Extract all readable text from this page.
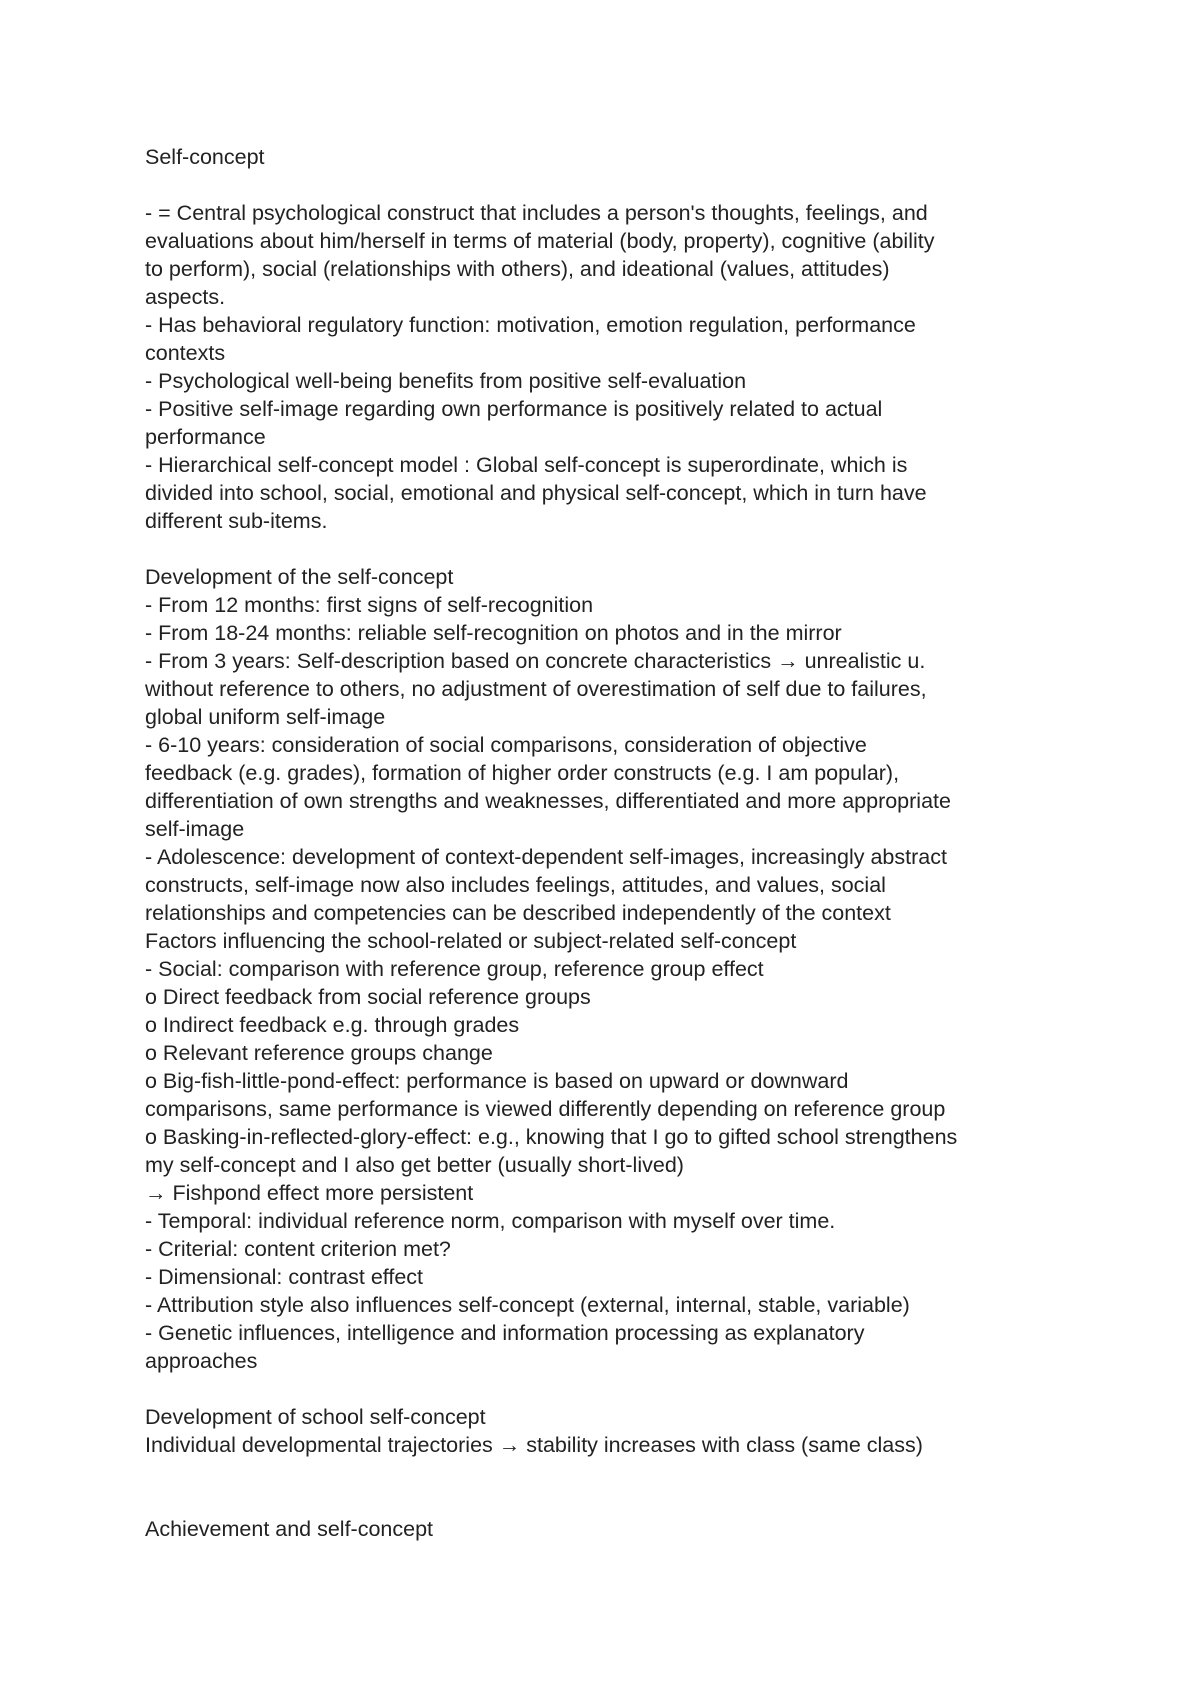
Self-concept

- = Central psychological construct that includes a person's thoughts, feelings, and

evaluations about him/herself in terms of material (body, property), cognitive (ability

to perform), social (relationships with others), and ideational (values, attitudes)

aspects.

- Has behavioral regulatory function: motivation, emotion regulation, performance

contexts

- Psychological well-being benefits from positive self-evaluation

- Positive self-image regarding own performance is positively related to actual

performance

- Hierarchical self-concept model : Global self-concept is superordinate, which is

divided into school, social, emotional and physical self-concept, which in turn have

different sub-items.

Development of the self-concept

- From 12 months: first signs of self-recognition

- From 18-24 months: reliable self-recognition on photos and in the mirror

- From 3 years: Self-description based on concrete characteristics → unrealistic u.

without reference to others, no adjustment of overestimation of self due to failures,

global uniform self-image

- 6-10 years: consideration of social comparisons, consideration of objective

feedback (e.g. grades), formation of higher order constructs (e.g. I am popular),

differentiation of own strengths and weaknesses, differentiated and more appropriate

self-image

- Adolescence: development of context-dependent self-images, increasingly abstract

constructs, self-image now also includes feelings, attitudes, and values, social

relationships and competencies can be described independently of the context

Factors influencing the school-related or subject-related self-concept

- Social: comparison with reference group, reference group effect

o Direct feedback from social reference groups

o Indirect feedback e.g. through grades

o Relevant reference groups change

o Big-fish-little-pond-effect: performance is based on upward or downward

comparisons, same performance is viewed differently depending on reference group

o Basking-in-reflected-glory-effect: e.g., knowing that I go to gifted school strengthens

my self-concept and I also get better (usually short-lived)

→ Fishpond effect more persistent

- Temporal: individual reference norm, comparison with myself over time.

- Criterial: content criterion met?

- Dimensional: contrast effect

- Attribution style also influences self-concept (external, internal, stable, variable)

- Genetic influences, intelligence and information processing as explanatory

approaches

Development of school self-concept

Individual developmental trajectories → stability increases with class (same class)

Achievement and self-concept
